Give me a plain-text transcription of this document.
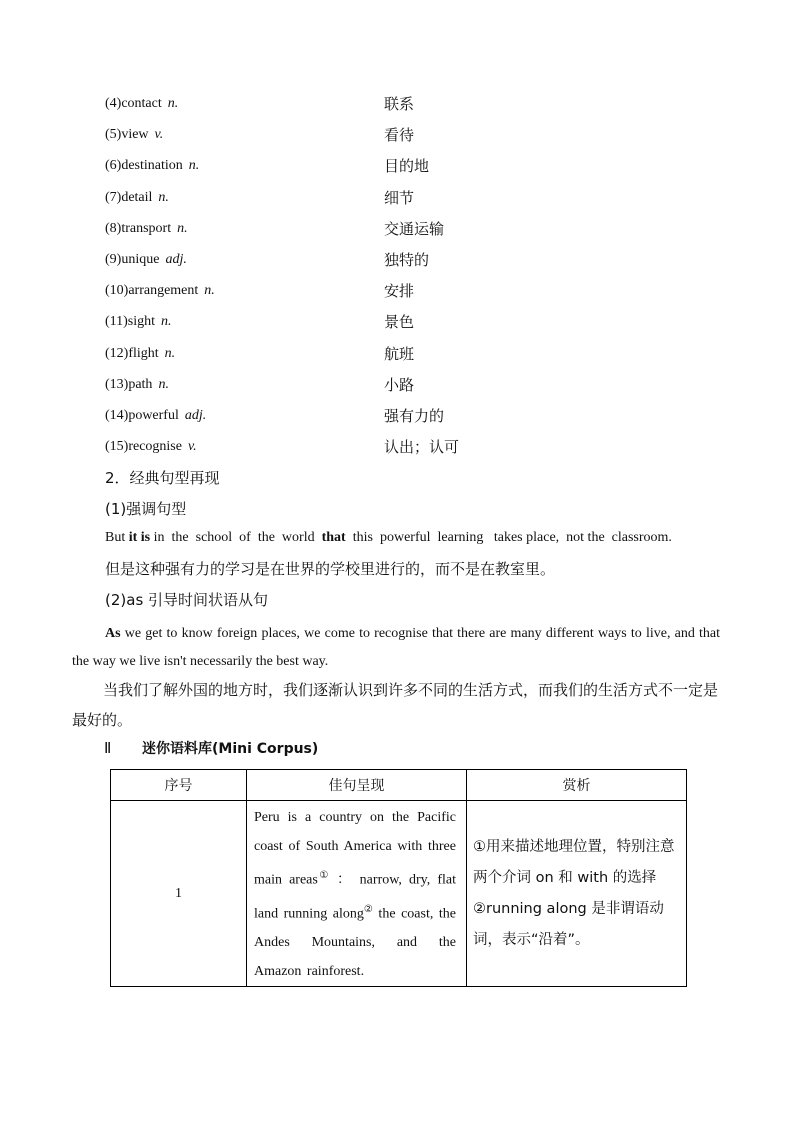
(4)contact n.	联系
(5)view v.	看待
(6)destination n.	目的地
(7)detail n.	细节
(8)transport n.	交通运输
(9)unique adj.	独特的
(10)arrangement n.	安排
(11)sight n.	景色
(12)flight n.	航班
(13)path n.	小路
(14)powerful adj.	强有力的
(15)recognise v.	认出；认可
2．经典句型再现
(1)强调句型
But it is in  the  school  of  the  world  that  this  powerful  learning   takes place,  not the  classroom.
但是这种强有力的学习是在世界的学校里进行的，而不是在教室里。
(2)as 引导时间状语从句
As we get to know foreign places, we come to recognise that there are many different ways to live, and that the way we live isn't necessarily the best way.
当我们了解外国的地方时，我们逐渐认识到许多不同的生活方式，而我们的生活方式不一定是最好的。
Ⅱ 迷你语料库(Mini Corpus)
序号	佳句呈现	赏析
1	Peru is a country on the Pacific coast of South America with three main areas① ： narrow, dry, flat land running along② the coast, the Andes Mountains, and the Amazon rainforest.	①用来描述地理位置，特别注意两个介词 on 和 with 的选择
②running along 是非谓语动词，表示“沿着”。
